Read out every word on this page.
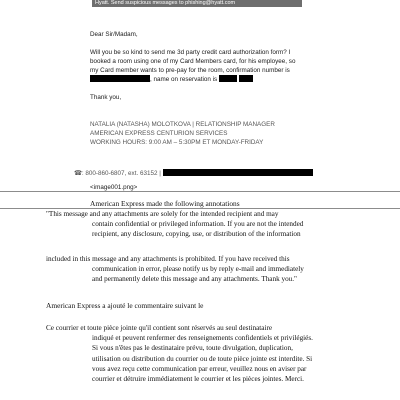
Hyatt. Send suspicious messages to phishing@hyatt.com

Dear Sir/Madam,

Will you be so kind to send me 3d party credit card authorization form? I

booked a room using one of my Card Members card, for his employee, so

my Card member wants to pre-pay for the room, confirmation number is

, name on reservation is

Thank you,

NATALIA (NATASHA) MOLOTKOVA | RELATIONSHIP MANAGER

AMERICAN EXPRESS CENTURION SERVICES

WORKING HOURS: 9:00 AM – 5:30PM ET MONDAY-FRIDAY

☎: 800-860-6807, ext. 63152 |
<image001.png>
American Express made the following annotations
"This message and any attachments are solely for the intended recipient and may
contain confidential or privileged information. If you are not the intended recipient, any disclosure, copying, use, or distribution of the information
included in this message and any attachments is prohibited. If you have received this
communication in error, please notify us by reply e-mail and immediately and permanently delete this message and any attachments. Thank you."
American Express a ajouté le commentaire suivant le
Ce courrier et toute pièce jointe qu'il contient sont réservés au seul destinataire
indiqué et peuvent renfermer des renseignements confidentiels et privilégiés. Si vous n'êtes pas le destinataire prévu, toute divulgation, duplication, utilisation ou distribution du courrier ou de toute pièce jointe est interdite. Si vous avez reçu cette communication par erreur, veuillez nous en aviser par courrier et détruire immédiatement le courrier et les pièces jointes. Merci.
